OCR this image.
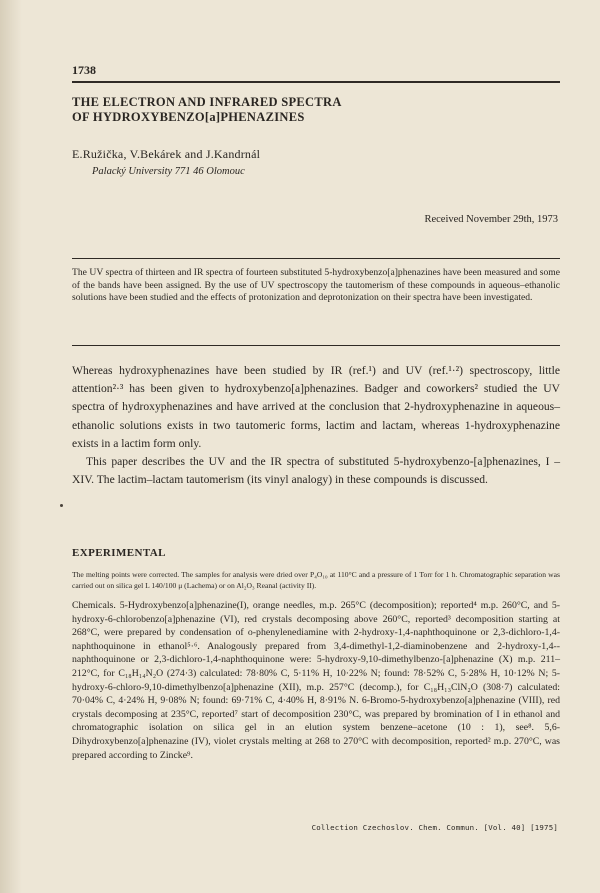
1738
THE ELECTRON AND INFRARED SPECTRA
OF HYDROXYBENZO[a]PHENAZINES
E.Ružička, V.Bekárek and J.Kandrnál
Palacký University 771 46 Olomouc
Received November 29th, 1973
The UV spectra of thirteen and IR spectra of fourteen substituted 5-hydroxybenzo[a]phenazines have been measured and some of the bands have been assigned. By the use of UV spectroscopy the tautomerism of these compounds in aqueous–ethanolic solutions have been studied and the effects of protonization and deprotonization on their spectra have been investigated.

Whereas hydroxyphenazines have been studied by IR (ref.¹) and UV (ref.¹·²) spectroscopy, little attention²·³ has been given to hydroxybenzo[a]phenazines. Badger and coworkers² studied the UV spectra of hydroxyphenazines and have arrived at the conclusion that 2-hydroxyphenazine in aqueous–ethanolic solutions exists in two tautomeric forms, lactim and lactam, whereas 1-hydroxyphenazine exists in a lactim form only.

This paper describes the UV and the IR spectra of substituted 5-hydroxybenzo-[a]phenazines, I – XIV. The lactim–lactam tautomerism (its vinyl analogy) in these compounds is discussed.

EXPERIMENTAL
The melting points were corrected. The samples for analysis were dried over P₄O₁₀ at 110°C and a pressure of 1 Torr for 1 h. Chromatographic separation was carried out on silica gel L 140/100 μ (Lachema) or on Al₂O₃ Reanal (activity II).
Chemicals. 5-Hydroxybenzo[a]phenazine(I), orange needles, m.p. 265°C (decomposition); reported⁴ m.p. 260°C, and 5-hydroxy-6-chlorobenzo[a]phenazine (VI), red crystals decomposing above 260°C, reported³ decomposition starting at 268°C, were prepared by condensation of o-phenylenediamine with 2-hydroxy-1,4-naphthoquinone or 2,3-dichloro-1,4-naphthoquinone in ethanol⁵·⁶. Analogously prepared from 3,4-dimethyl-1,2-diaminobenzene and 2-hydroxy-1,4--naphthoquinone or 2,3-dichloro-1,4-naphthoquinone were: 5-hydroxy-9,10-dimethylbenzo-[a]phenazine (X) m.p. 211–212°C, for C₁₈H₁₄N₂O (274·3) calculated: 78·80% C, 5·11% H, 10·22% N; found: 78·52% C, 5·28% H, 10·12% N; 5-hydroxy-6-chloro-9,10-dimethylbenzo[a]phenazine (XII), m.p. 257°C (decomp.), for C₁₈H₁₃ClN₂O (308·7) calculated: 70·04% C, 4·24% H, 9·08% N; found: 69·71% C, 4·40% H, 8·91% N. 6-Bromo-5-hydroxybenzo[a]phenazine (VIII), red crystals decomposing at 235°C, reported⁷ start of decomposition 230°C, was prepared by bromination of I in ethanol and chromatographic isolation on silica gel in an elution system benzene–acetone (10 : 1), see⁸. 5,6-Dihydroxybenzo[a]phenazine (IV), violet crystals melting at 268 to 270°C with decomposition, reported² m.p. 270°C, was prepared according to Zincke⁹.
Collection Czechoslov. Chem. Commun. [Vol. 40] [1975]
